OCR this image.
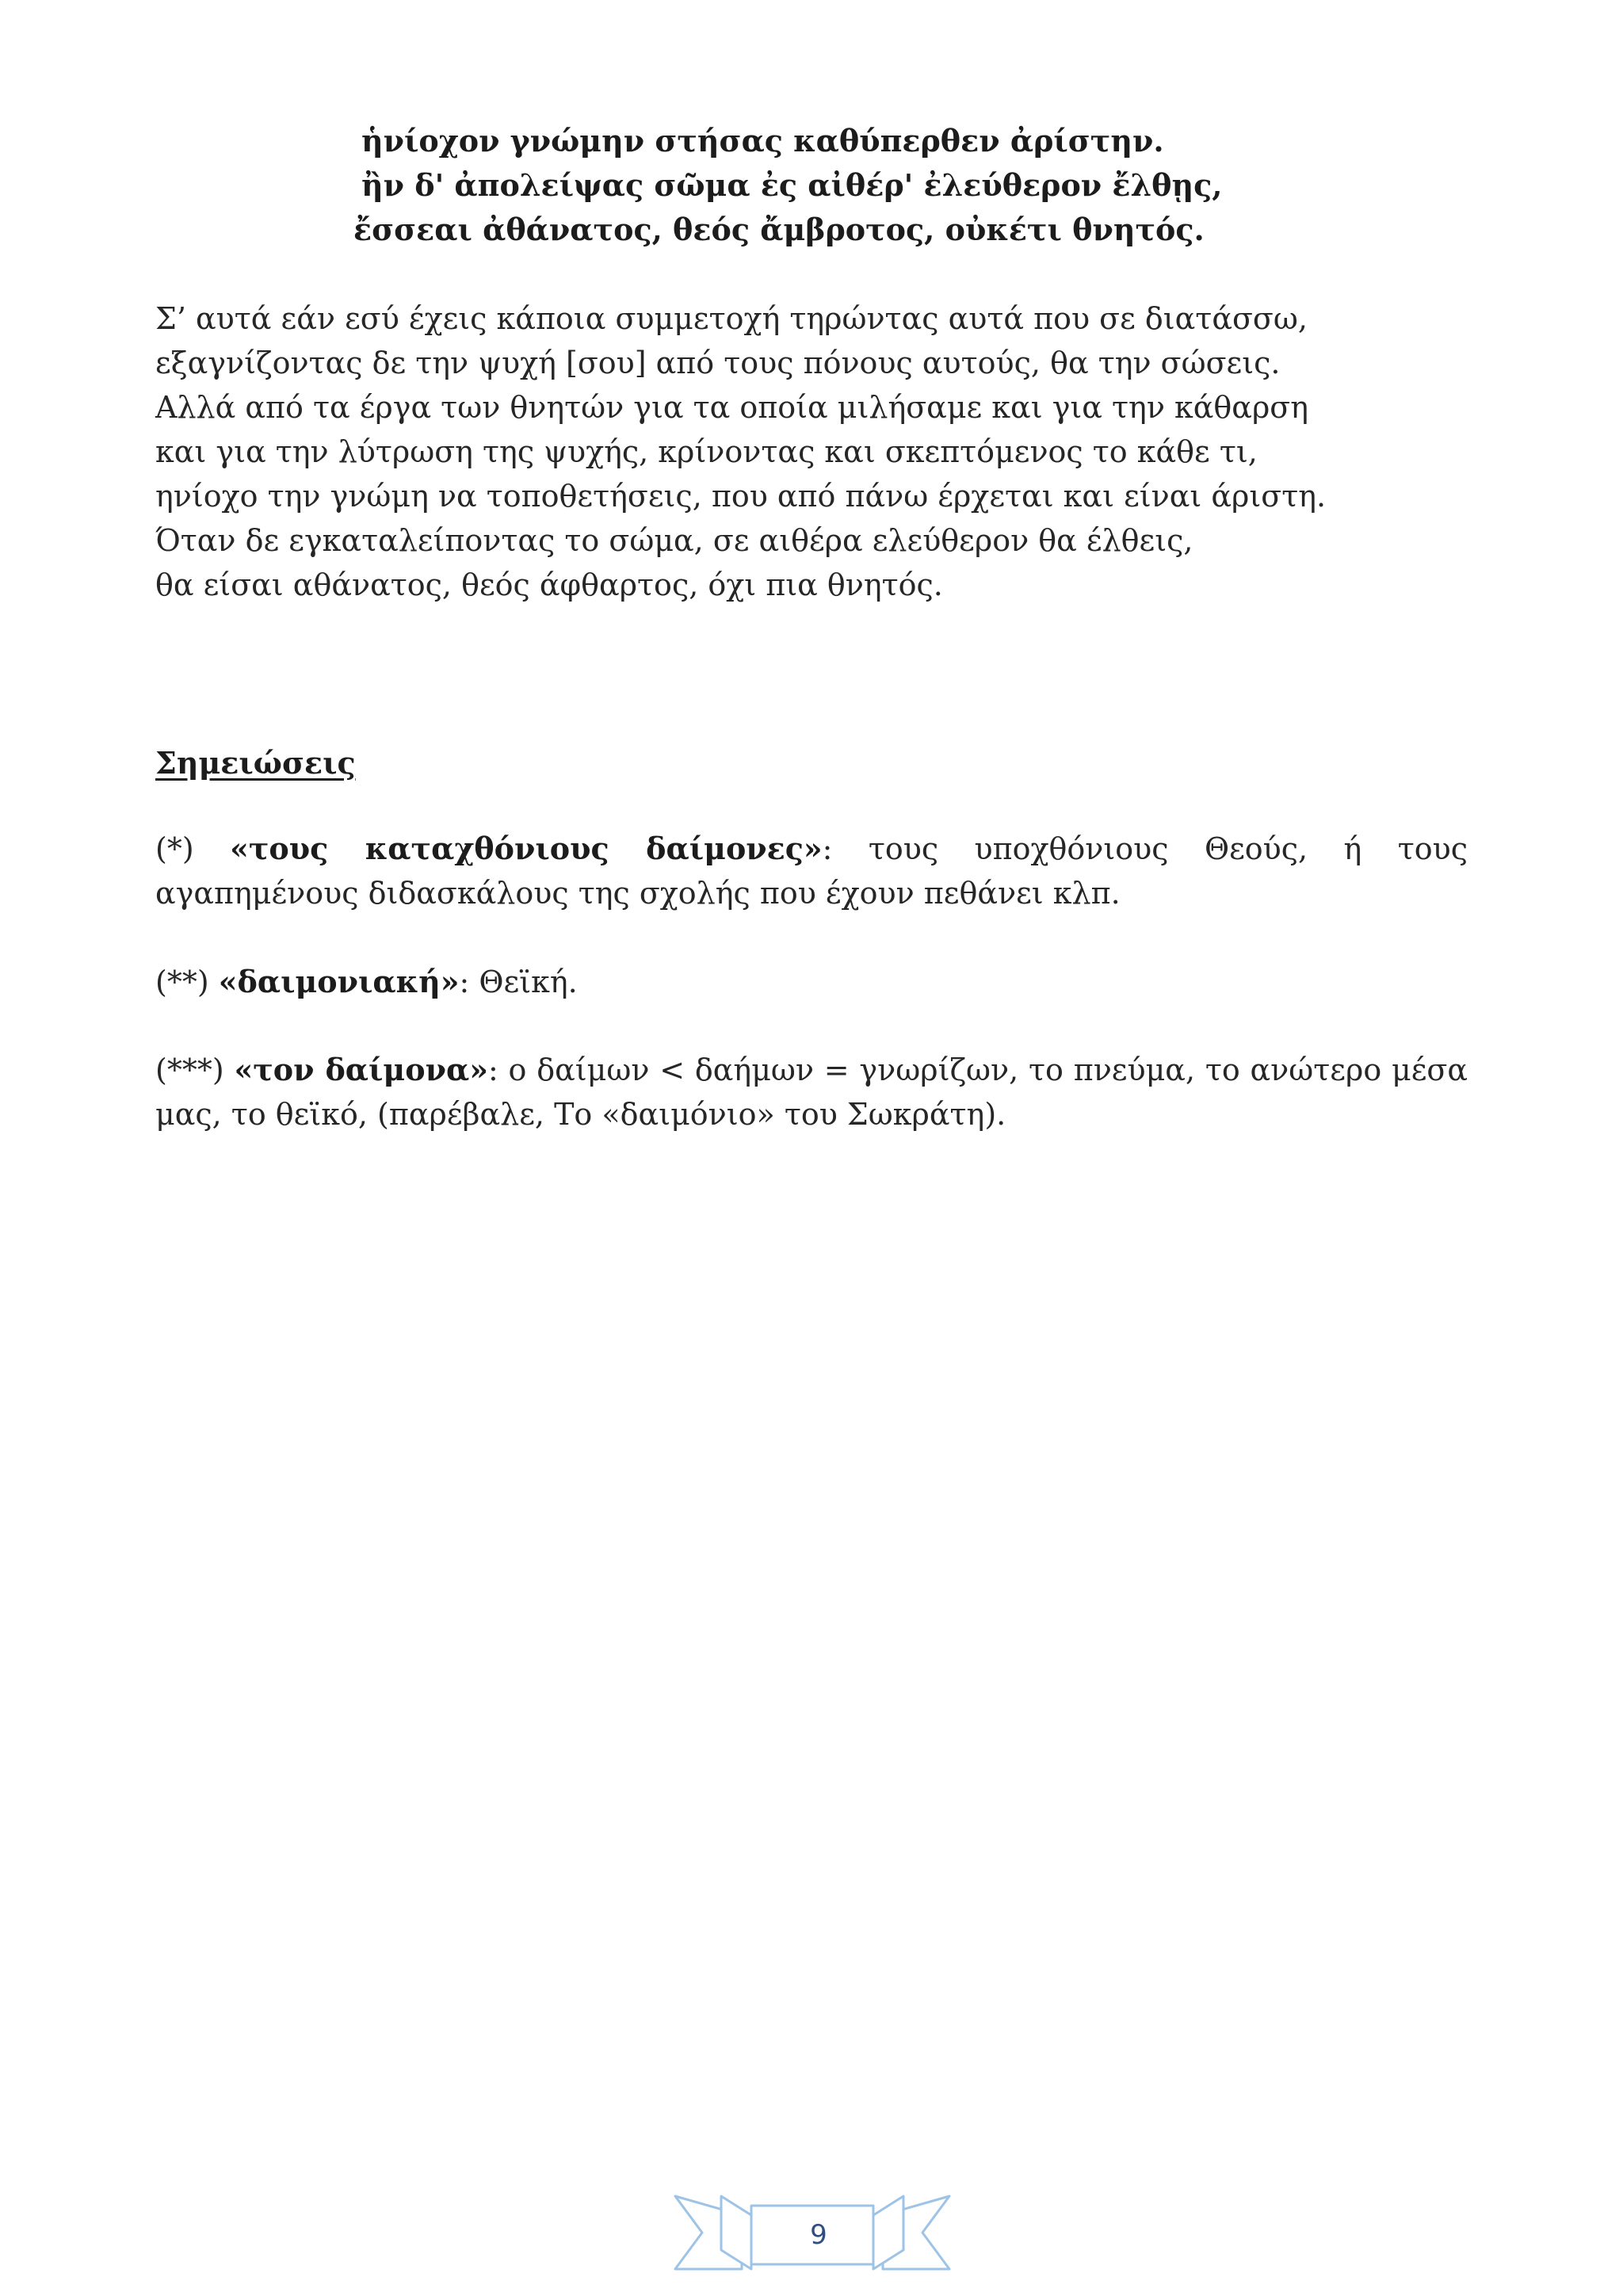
ἡνίοχον γνώμην στήσας καθύπερθεν ἀρίστην.
ἢν δ' ἀπολείψας σῶμα ἐς αἰθέρ' ἐλεύθερον ἔλθῃς,
ἔσσεαι ἀθάνατος, θεός ἄμβροτος, οὐκέτι θνητός.
Σ’ αυτά εάν εσύ έχεις κάποια συμμετοχή τηρώντας αυτά που σε διατάσσω,
εξαγνίζοντας δε την ψυχή [σου] από τους πόνους αυτούς, θα την σώσεις.
Αλλά από τα έργα των θνητών για τα οποία μιλήσαμε και για την κάθαρση
και για την λύτρωση της ψυχής, κρίνοντας και σκεπτόμενος το κάθε τι,
ηνίοχο την γνώμη να τοποθετήσεις, που από πάνω έρχεται και είναι άριστη.
Όταν δε εγκαταλείποντας το σώμα, σε αιθέρα ελεύθερον θα έλθεις,
θα είσαι αθάνατος, θεός άφθαρτος, όχι πια θνητός.
Σημειώσεις
(*) «τους καταχθόνιους δαίμονες»: τους υποχθόνιους Θεούς, ή τους αγαπημένους διδασκάλους της σχολής που έχουν πεθάνει κλπ.
(**) «δαιμονιακή»: Θεϊκή.
(***) «τον δαίμονα»: ο δαίμων < δαήμων = γνωρίζων, το πνεύμα, το ανώτερο μέσα μας, το θεϊκό, (παρέβαλε, Το «δαιμόνιο» του Σωκράτη).
9
